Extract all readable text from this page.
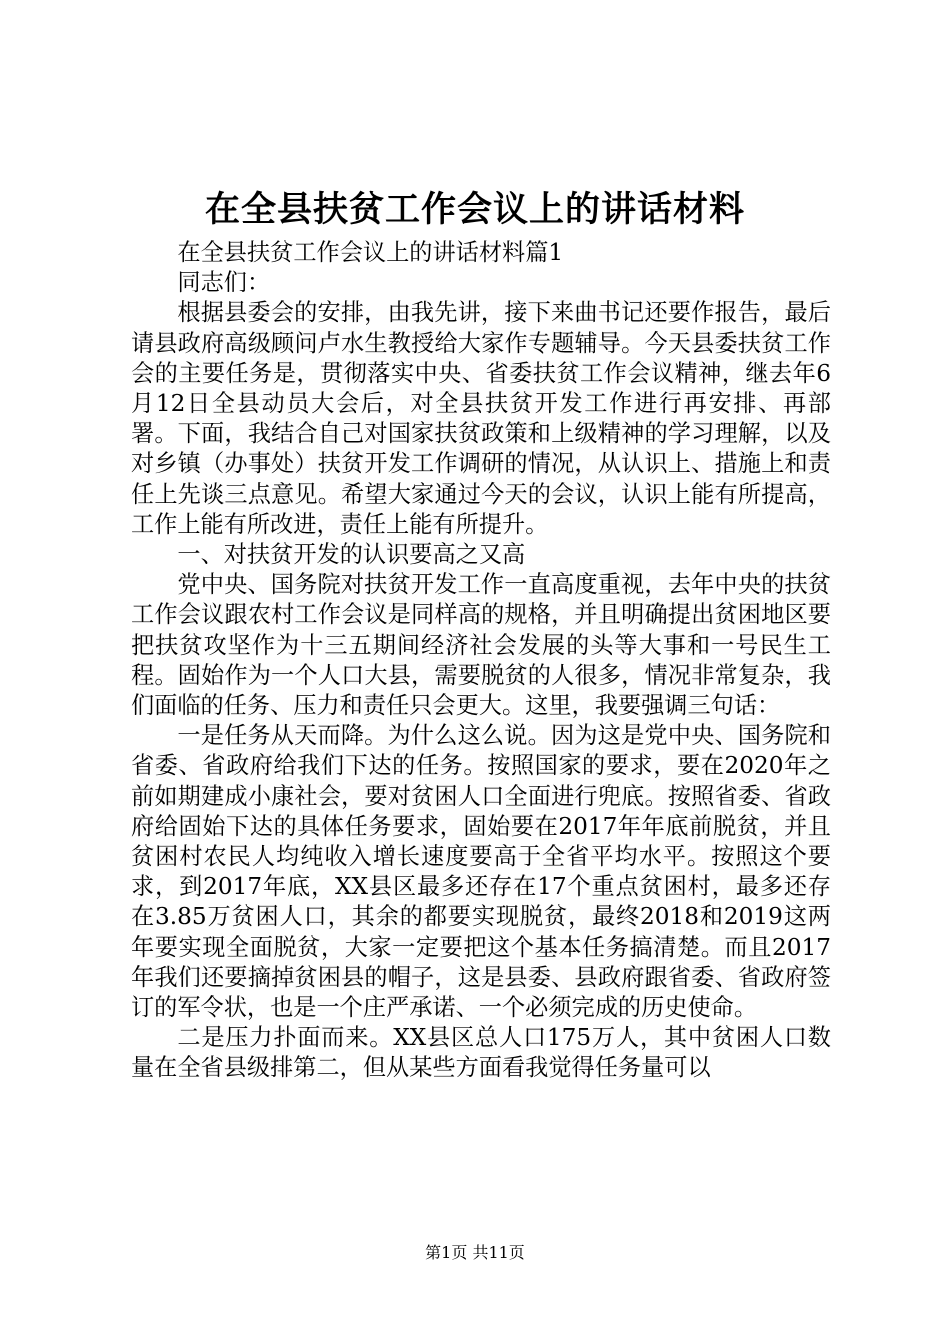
在全县扶贫工作会议上的讲话材料

在全县扶贫工作会议上的讲话材料篇1

同志们：

根据县委会的安排，由我先讲，接下来曲书记还要作报告，最后请县政府高级顾问卢水生教授给大家作专题辅导。今天县委扶贫工作会的主要任务是，贯彻落实中央、省委扶贫工作会议精神，继去年6月12日全县动员大会后，对全县扶贫开发工作进行再安排、再部署。下面，我结合自己对国家扶贫政策和上级精神的学习理解，以及对乡镇（办事处）扶贫开发工作调研的情况，从认识上、措施上和责任上先谈三点意见。希望大家通过今天的会议，认识上能有所提高，工作上能有所改进，责任上能有所提升。

一、对扶贫开发的认识要高之又高

党中央、国务院对扶贫开发工作一直高度重视，去年中央的扶贫工作会议跟农村工作会议是同样高的规格，并且明确提出贫困地区要把扶贫攻坚作为十三五期间经济社会发展的头等大事和一号民生工程。固始作为一个人口大县，需要脱贫的人很多，情况非常复杂，我们面临的任务、压力和责任只会更大。这里，我要强调三句话：

一是任务从天而降。为什么这么说。因为这是党中央、国务院和省委、省政府给我们下达的任务。按照国家的要求，要在2020年之前如期建成小康社会，要对贫困人口全面进行兜底。按照省委、省政府给固始下达的具体任务要求，固始要在2017年年底前脱贫，并且贫困村农民人均纯收入增长速度要高于全省平均水平。按照这个要求，到2017年底，XX县区最多还存在17个重点贫困村，最多还存在3.85万贫困人口，其余的都要实现脱贫，最终2018和2019这两年要实现全面脱贫，大家一定要把这个基本任务搞清楚。而且2017年我们还要摘掉贫困县的帽子，这是县委、县政府跟省委、省政府签订的军令状，也是一个庄严承诺、一个必须完成的历史使命。

二是压力扑面而来。XX县区总人口175万人，其中贫困人口数量在全省县级排第二，但从某些方面看我觉得任务量可以

第1页 共11页
